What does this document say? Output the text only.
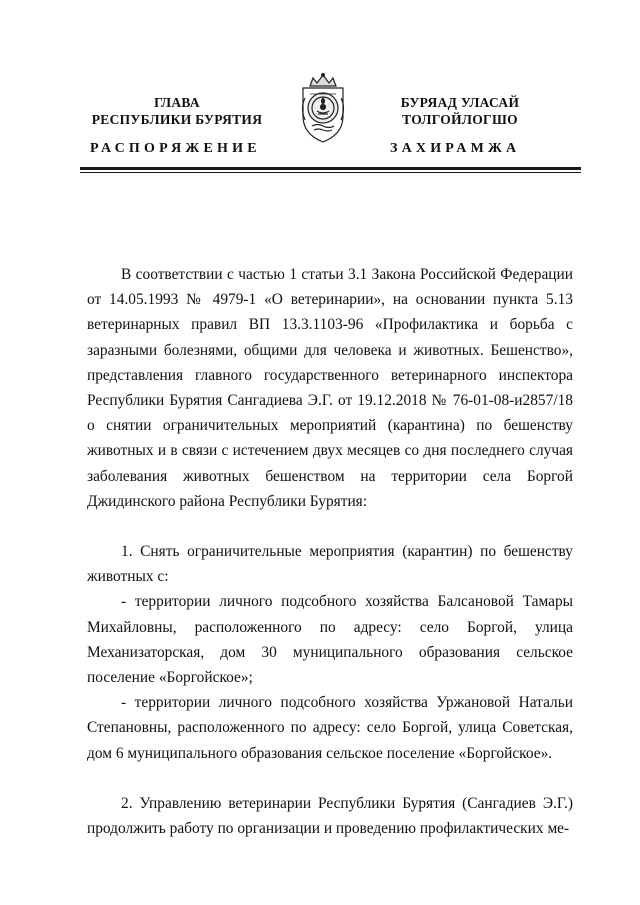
ГЛАВА
РЕСПУБЛИКИ БУРЯТИЯ
БУРЯАД УЛАСАЙ
ТОЛГОЙЛОГШО
РАСПОРЯЖЕНИЕ	ЗАХИРАМЖА

В соответствии с частью 1 статьи 3.1 Закона Российской Федерации от 14.05.1993 № 4979-1 «О ветеринарии», на основании пункта 5.13 ветеринарных правил ВП 13.3.1103-96 «Профилактика и борьба с заразными болезнями, общими для человека и животных. Бешенство», представления главного государственного ветеринарного инспектора Республики Бурятия Сангадиева Э.Г. от 19.12.2018 № 76-01-08-и2857/18 о снятии ограничительных мероприятий (карантина) по бешенству животных и в связи с истечением двух месяцев со дня последнего случая заболевания животных бешенством на территории села Боргой Джидинского района Республики Бурятия:

1. Снять ограничительные мероприятия (карантин) по бешенству животных с:

- территории личного подсобного хозяйства Балсановой Тамары Михайловны, расположенного по адресу: село Боргой, улица Механизаторская, дом 30 муниципального образования сельское поселение «Боргойское»;

- территории личного подсобного хозяйства Уржановой Натальи Степановны, расположенного по адресу: село Боргой, улица Советская, дом 6 муниципального образования сельское поселение «Боргойское».

2. Управлению ветеринарии Республики Бурятия (Сангадиев Э.Г.) продолжить работу по организации и проведению профилактических ме-
